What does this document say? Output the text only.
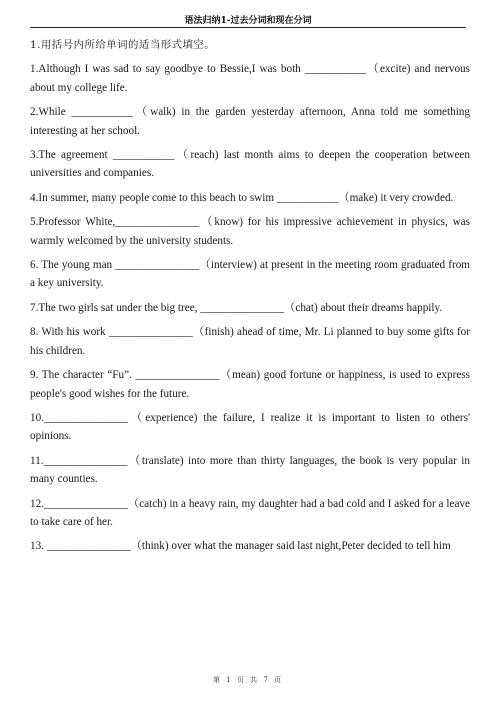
语法归纳1-过去分词和现在分词
1.用括号内所给单词的适当形式填空。
1.Although I was sad to say goodbye to Bessie,I was both ___________（excite) and nervous about my college life.
2.While ___________（walk) in the garden yesterday afternoon, Anna told me something interesting at her school.
3.The agreement ___________（reach) last month aims to deepen the cooperation between universities and companies.
4.In summer, many people come to this beach to swim ___________（make) it very crowded.
5.Professor White,_______________（know) for his impressive achievement in physics, was warmly welcomed by the university students.
6. The young man _______________（interview) at present in the meeting room graduated from a key university.
7.The two girls sat under the big tree, _______________（chat) about their dreams happily.
8. With his work _______________（finish) ahead of time, Mr. Li planned to buy some gifts for his children.
9. The character “Fu”. _______________（mean) good fortune or happiness, is used to express people's good wishes for the future.
10._______________（experience) the failure, I realize it is important to listen to others' opinions.
11._______________（translate) into more than thirty languages, the book is very popular in many counties.
12._______________（catch) in a heavy rain, my daughter had a bad cold and I asked for a leave to take care of her.
13. _______________（think) over what the manager said last night,Peter decided to tell him
第 1 页 共 7 页
